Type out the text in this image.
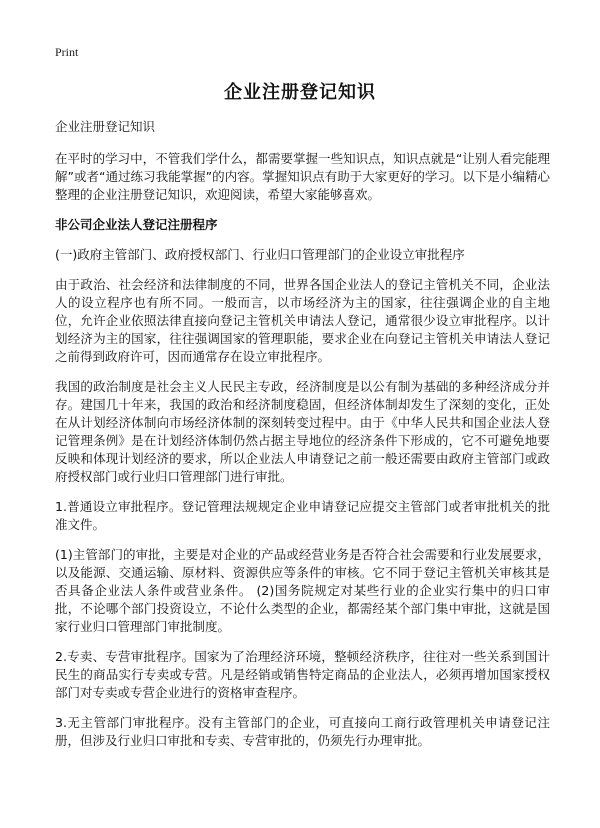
Print
企业注册登记知识

企业注册登记知识

在平时的学习中，不管我们学什么，都需要掌握一些知识点，知识点就是“让别人看完能理解”或者“通过练习我能掌握”的内容。掌握知识点有助于大家更好的学习。以下是小编精心整理的企业注册登记知识，欢迎阅读，希望大家能够喜欢。

非公司企业法人登记注册程序

(一)政府主管部门、政府授权部门、行业归口管理部门的企业设立审批程序

由于政治、社会经济和法律制度的不同，世界各国企业法人的登记主管机关不同，企业法人的设立程序也有所不同。一般而言，以市场经济为主的国家，往往强调企业的自主地位，允许企业依照法律直接向登记主管机关申请法人登记，通常很少设立审批程序。以计划经济为主的国家，往往强调国家的管理职能，要求企业在向登记主管机关申请法人登记之前得到政府许可，因而通常存在设立审批程序。

我国的政治制度是社会主义人民民主专政，经济制度是以公有制为基础的多种经济成分并存。建国几十年来，我国的政治和经济制度稳固，但经济体制却发生了深刻的变化，正处在从计划经济体制向市场经济体制的深刻转变过程中。由于《中华人民共和国企业法人登记管理条例》是在计划经济体制仍然占据主导地位的经济条件下形成的，它不可避免地要反映和体现计划经济的要求，所以企业法人申请登记之前一般还需要由政府主管部门或政府授权部门或行业归口管理部门进行审批。

1.普通设立审批程序。登记管理法规规定企业申请登记应提交主管部门或者审批机关的批准文件。

(1)主管部门的审批，主要是对企业的产品或经营业务是否符合社会需要和行业发展要求，以及能源、交通运输、原材料、资源供应等条件的审核。它不同于登记主管机关审核其是否具备企业法人条件或营业条件。 (2)国务院规定对某些行业的企业实行集中的归口审批，不论哪个部门投资设立，不论什么类型的企业，都需经某个部门集中审批，这就是国家行业归口管理部门审批制度。

2.专卖、专营审批程序。国家为了治理经济环境，整顿经济秩序，往往对一些关系到国计民生的商品实行专卖或专营。凡是经销或销售特定商品的企业法人，必须再增加国家授权部门对专卖或专营企业进行的资格审查程序。

3.无主管部门审批程序。没有主管部门的企业，可直接向工商行政管理机关申请登记注册，但涉及行业归口审批和专卖、专营审批的，仍须先行办理审批。
